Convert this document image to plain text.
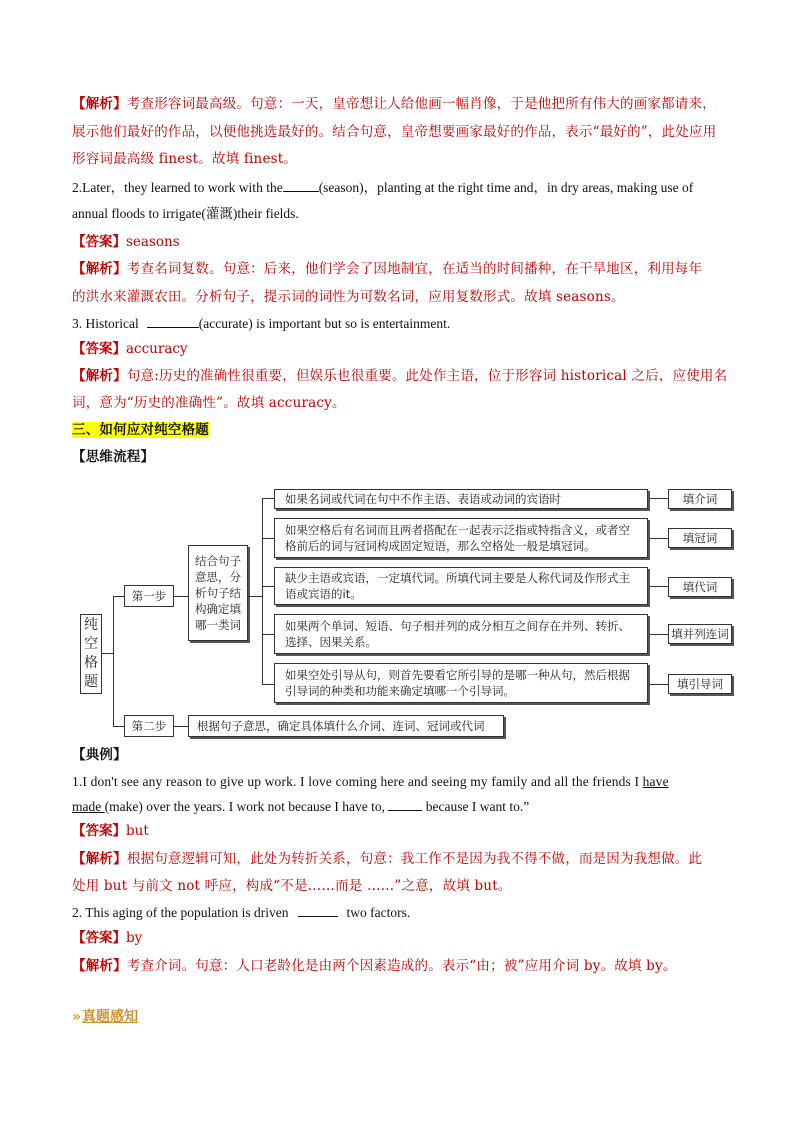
【解析】考查形容词最高级。句意：一天，皇帝想让人给他画一幅肖像，于是他把所有伟大的画家都请来，
展示他们最好的作品，以便他挑选最好的。结合句意，皇帝想要画家最好的作品，表示“最好的”，此处应用
形容词最高级 finest。故填 finest。
2.Later，they learned to work with the	(season)，planting at the right time and，in dry areas, making use of
annual floods to irrigate(灌溉)their fields.
【答案】seasons
【解析】考查名词复数。句意：后来，他们学会了因地制宜，在适当的时间播种，在干旱地区，利用每年
的洪水来灌溉农田。分析句子，提示词的词性为可数名词，应用复数形式。故填 seasons。
3. Historical	(accurate) is important but so is entertainment.
【答案】accuracy
【解析】句意:历史的准确性很重要，但娱乐也很重要。此处作主语，位于形容词 historical 之后，应使用名
词，意为“历史的准确性”。故填 accuracy。
三、如何应对纯空格题
【思维流程】
纯空格题
第一步
第二步
结合句子意思，分析句子结构确定填哪一类词
根据句子意思，确定具体填什么介词、连词、冠词或代词
如果名词或代词在句中不作主语、表语或动词的宾语时
如果空格后有名词而且两者搭配在一起表示泛指或特指含义，或者空格前后的词与冠词构成固定短语，那么空格处一般是填冠词。
缺少主语或宾语，一定填代词。所填代词主要是人称代词及作形式主语或宾语的it。
如果两个单词、短语、句子相并列的成分相互之间存在并列、转折、选择、因果关系。
如果空处引导从句，则首先要看它所引导的是哪一种从句，然后根据引导词的种类和功能来确定填哪一个引导词。
填介词
填冠词
填代词
填并列连词
填引导词
【典例】
1.I don't see any reason to give up work. I love coming here and seeing my family and all the friends I have
made (make) over the years. I work not because I have to,	because I want to.”
【答案】but
【解析】根据句意逻辑可知，此处为转折关系，句意：我工作不是因为我不得不做，而是因为我想做。此
处用 but 与前文 not 呼应，构成“不是……而是 ……”之意，故填 but。
2. This aging of the population is driven	two factors.
【答案】by
【解析】考查介词。句意：人口老龄化是由两个因素造成的。表示“由；被”应用介词 by。故填 by。
»真题感知
